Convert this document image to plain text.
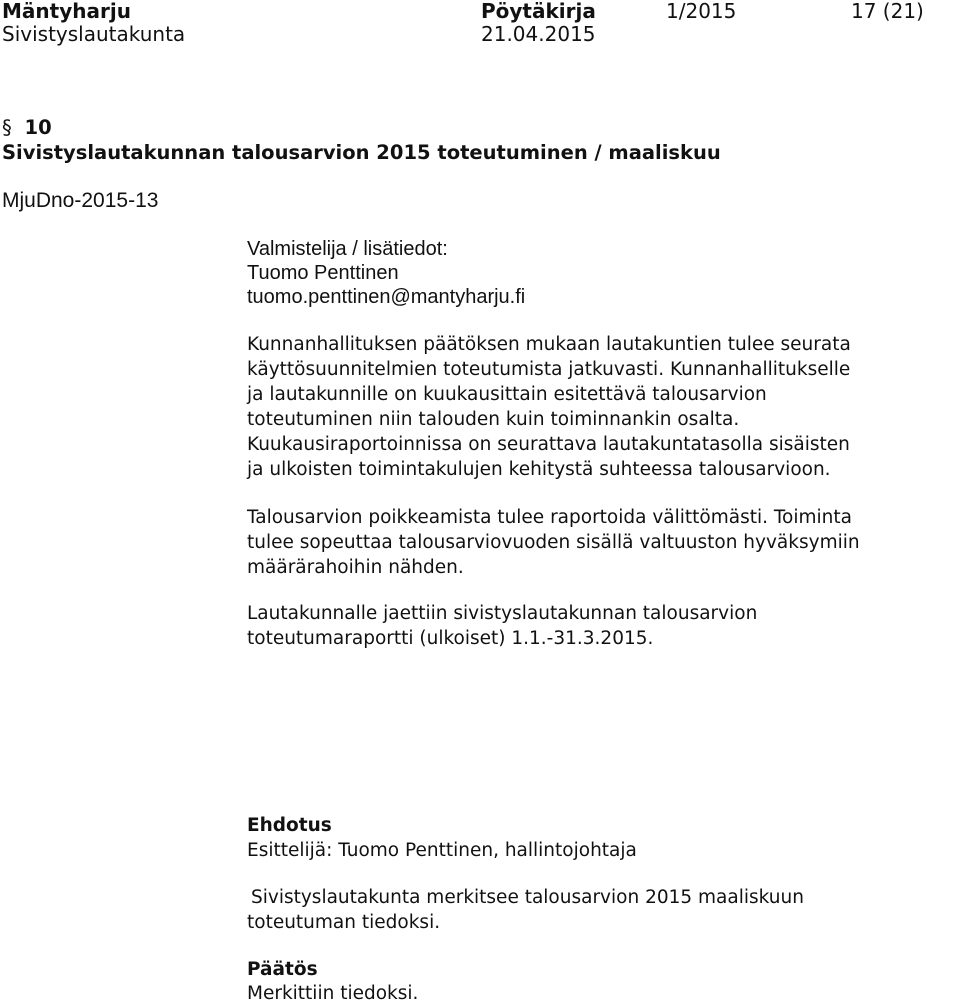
Mäntyharju	Pöytäkirja	1/2015	17 (21)
Sivistyslautakunta	21.04.2015
§ 10
Sivistyslautakunnan talousarvion 2015 toteutuminen / maaliskuu
MjuDno-2015-13
Valmistelija / lisätiedot:
Tuomo Penttinen
tuomo.penttinen@mantyharju.fi
Kunnanhallituksen päätöksen mukaan lautakuntien tulee seurata
käyttösuunnitelmien toteutumista jatkuvasti. Kunnanhallitukselle
ja lautakunnille on kuukausittain esitettävä talousarvion
toteutuminen niin talouden kuin toiminnankin osalta.
Kuukausiraportoinnissa on seurattava lautakuntatasolla sisäisten
ja ulkoisten toimintakulujen kehitystä suhteessa talousarvioon.
Talousarvion poikkeamista tulee raportoida välittömästi. Toiminta
tulee sopeuttaa talousarviovuoden sisällä valtuuston hyväksymiin
määrärahoihin nähden.
Lautakunnalle jaettiin sivistyslautakunnan talousarvion
toteutumaraportti (ulkoiset) 1.1.-31.3.2015.
Ehdotus
Esittelijä: Tuomo Penttinen, hallintojohtaja
Sivistyslautakunta merkitsee talousarvion 2015 maaliskuun
toteutuman tiedoksi.
Päätös
Merkittiin tiedoksi.
